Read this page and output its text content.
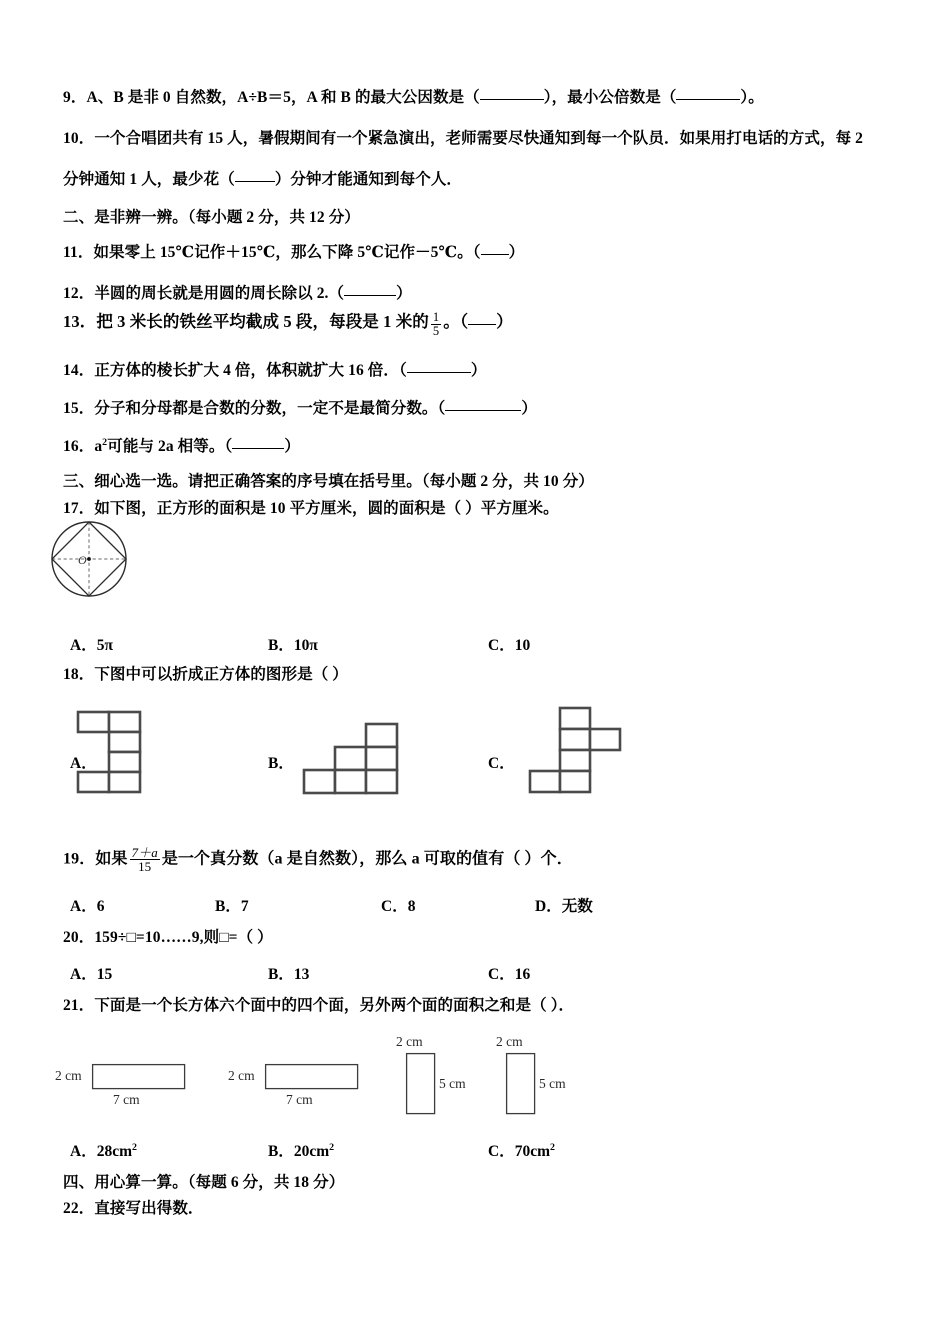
9．A、B 是非 0 自然数，A÷B＝5，A 和 B 的最大公因数是（	），最小公倍数是（	）。
10．一个合唱团共有 15 人，暑假期间有一个紧急演出，老师需要尽快通知到每一个队员．如果用打电话的方式，每 2
分钟通知 1 人，最少花（	）分钟才能通知到每个人．
二、是非辨一辨。（每小题 2 分，共 12 分）
11．如果零上 15℃记作＋15℃，那么下降 5℃记作－5℃。（ ）
12．半圆的周长就是用圆的周长除以 2.（	）
13．把 3 米长的铁丝平均截成 5 段，每段是 1 米的 $\frac{1}{5}$ 。（ ）
14．正方体的棱长扩大 4 倍，体积就扩大 16 倍．（	）
15．分子和分母都是合数的分数，一定不是最简分数。（	）
16．$a^2$可能与 2a 相等。（	）
三、细心选一选。请把正确答案的序号填在括号里。（每小题 2 分，共 10 分）
17．如下图，正方形的面积是 10 平方厘米，圆的面积是（ ）平方厘米。
O
A．5π	B．10π	C．10
18．下图中可以折成正方体的图形是（ ）
A．	B．	C．
19．如果 $\frac{7+a}{15}$ 是一个真分数（a 是自然数），那么 a 可取的值有（ ）个．
A．6	B．7	C．8	D．无数
20．159÷□=10……9,则□=（ ）
A．15	B．13	C．16
21．下面是一个长方体六个面中的四个面，另外两个面的面积之和是（ ）．
2 cm
7 cm
2 cm
7 cm
2 cm
5 cm
2 cm
5 cm
A．$28cm^2$	B．$20cm^2$	C．$70cm^2$
四、用心算一算。（每题 6 分，共 18 分）
22．直接写出得数．
